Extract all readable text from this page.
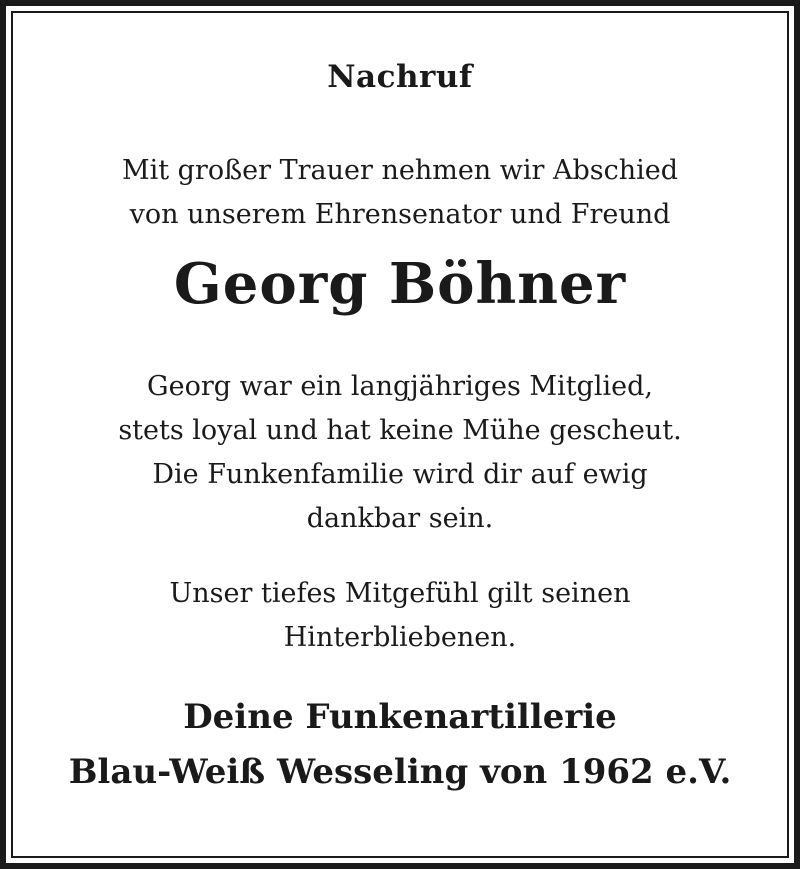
Nachruf
Mit großer Trauer nehmen wir Abschied
von unserem Ehrensenator und Freund
Georg Böhner
Georg war ein langjähriges Mitglied,
stets loyal und hat keine Mühe gescheut.
Die Funkenfamilie wird dir auf ewig
dankbar sein.
Unser tiefes Mitgefühl gilt seinen
Hinterbliebenen.
Deine Funkenartillerie
Blau-Weiß Wesseling von 1962 e.V.
